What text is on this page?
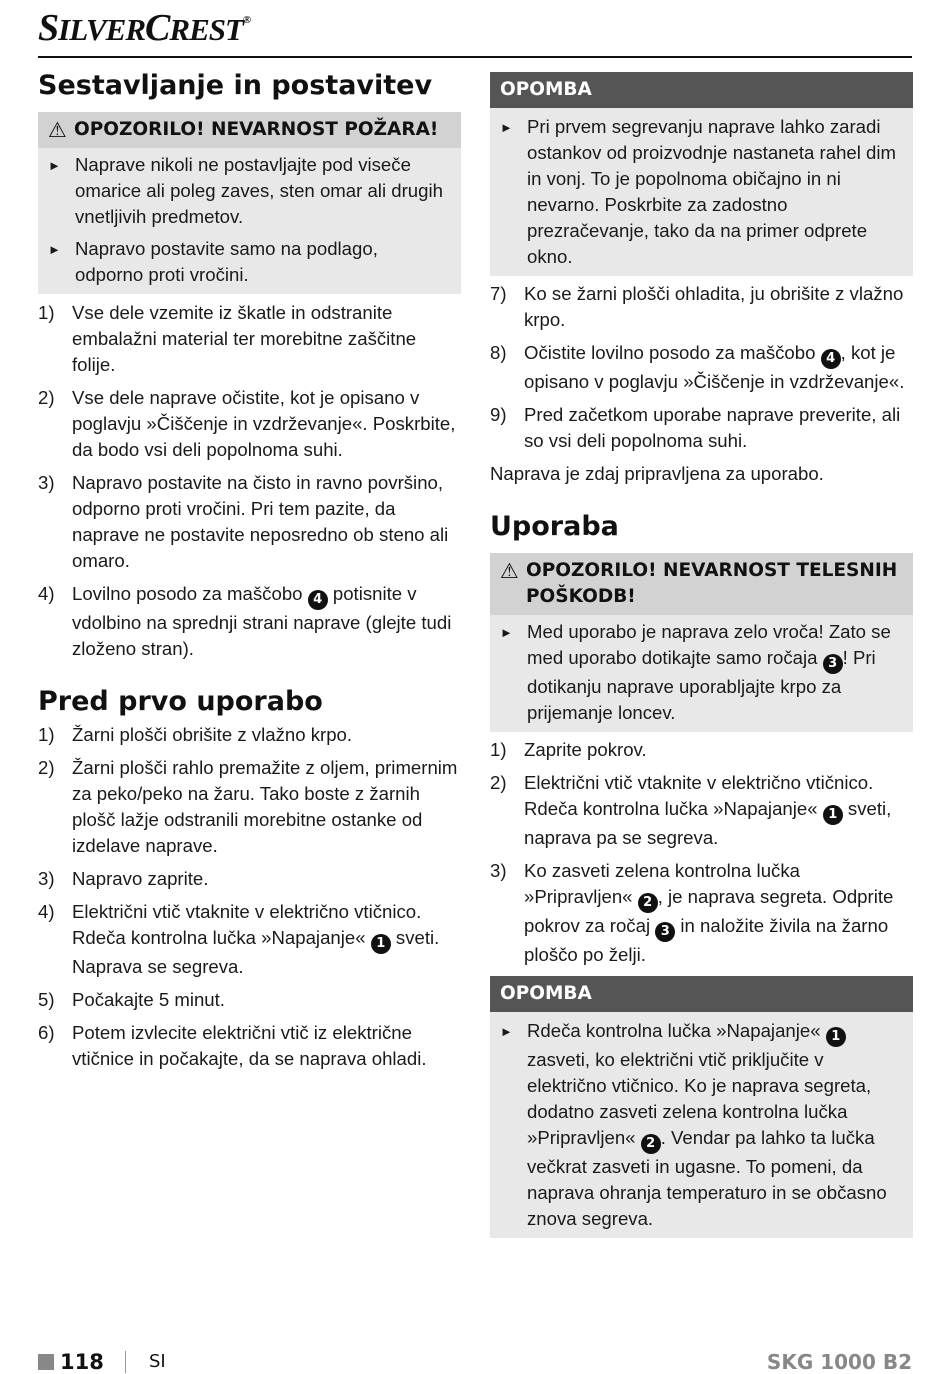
SILVERCREST®
Sestavljanje in postavitev
⚠ OPOZORILO! NEVARNOST POŽARA!
► Naprave nikoli ne postavljajte pod viseče omarice ali poleg zaves, sten omar ali drugih vnetljivih predmetov.
► Napravo postavite samo na podlago, odporno proti vročini.
1) Vse dele vzemite iz škatle in odstranite embalažni material ter morebitne zaščitne folije.
2) Vse dele naprave očistite, kot je opisano v poglavju »Čiščenje in vzdrževanje«. Poskrbite, da bodo vsi deli popolnoma suhi.
3) Napravo postavite na čisto in ravno površino, odporno proti vročini. Pri tem pazite, da naprave ne postavite neposredno ob steno ali omaro.
4) Lovilno posodo za maščobo 4 potisnite v vdolbino na sprednji strani naprave (glejte tudi zloženo stran).
Pred prvo uporabo
1) Žarni plošči obrišite z vlažno krpo.
2) Žarni plošči rahlo premažite z oljem, primernim za peko/peko na žaru. Tako boste z žarnih plošč lažje odstranili morebitne ostanke od izdelave naprave.
3) Napravo zaprite.
4) Električni vtič vtaknite v električno vtičnico. Rdeča kontrolna lučka »Napajanje« 1 sveti. Naprava se segreva.
5) Počakajte 5 minut.
6) Potem izvlecite električni vtič iz električne vtičnice in počakajte, da se naprava ohladi.
OPOMBA
► Pri prvem segrevanju naprave lahko zaradi ostankov od proizvodnje nastaneta rahel dim in vonj. To je popolnoma običajno in ni nevarno. Poskrbite za zadostno prezračevanje, tako da na primer odprete okno.
7) Ko se žarni plošči ohladita, ju obrišite z vlažno krpo.
8) Očistite lovilno posodo za maščobo 4 , kot je opisano v poglavju »Čiščenje in vzdrževanje«.
9) Pred začetkom uporabe naprave preverite, ali so vsi deli popolnoma suhi.
Naprava je zdaj pripravljena za uporabo.
Uporaba
⚠ OPOZORILO! NEVARNOST TELESNIH POŠKODB!
► Med uporabo je naprava zelo vroča! Zato se med uporabo dotikajte samo ročaja 3 ! Pri dotikanju naprave uporabljajte krpo za prijemanje loncev.
1) Zaprite pokrov.
2) Električni vtič vtaknite v električno vtičnico. Rdeča kontrolna lučka »Napajanje« 1 sveti, naprava pa se segreva.
3) Ko zasveti zelena kontrolna lučka »Pripravljen« 2 , je naprava segreta. Odprite pokrov za ročaj 3 in naložite živila na žarno ploščo po želji.
OPOMBA
► Rdeča kontrolna lučka »Napajanje« 1 zasveti, ko električni vtič priključite v električno vtičnico. Ko je naprava segreta, dodatno zasveti zelena kontrolna lučka »Pripravljen« 2 . Vendar pa lahko ta lučka večkrat zasveti in ugasne. To pomeni, da naprava ohranja temperaturo in se občasno znova segreva.
118	SI	SKG 1000 B2
